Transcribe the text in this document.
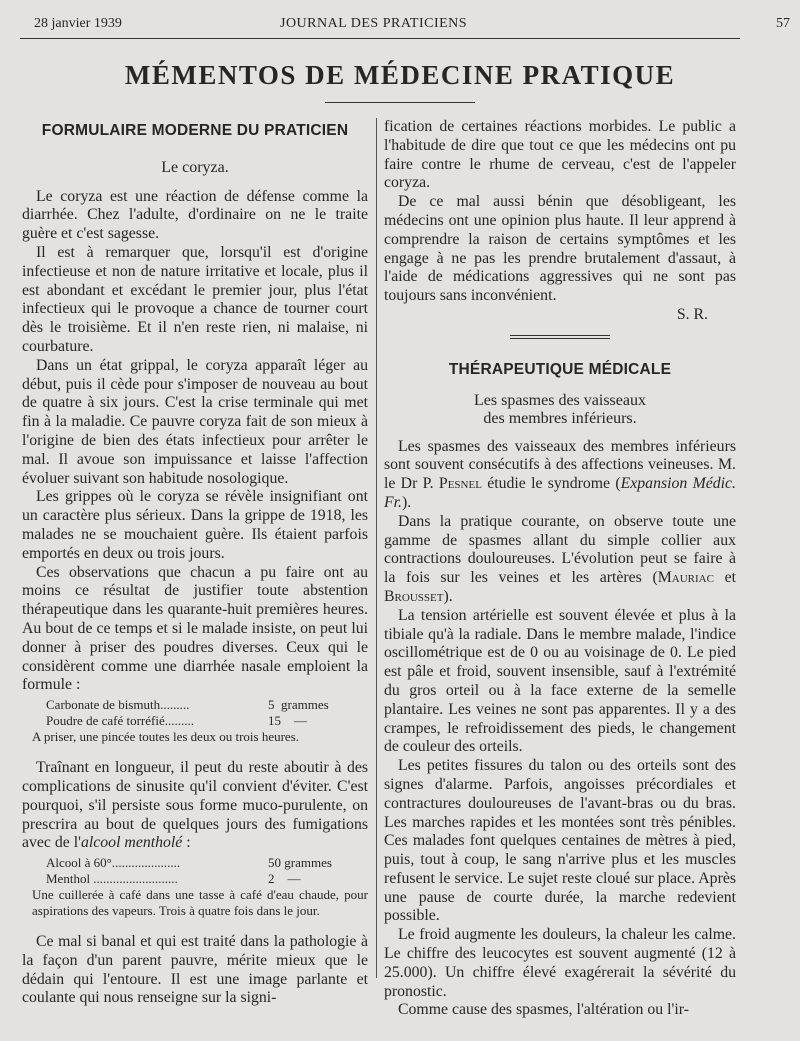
28 janvier 1939	JOURNAL DES PRATICIENS	57
MÉMENTOS DE MÉDECINE PRATIQUE
FORMULAIRE MODERNE DU PRATICIEN
Le coryza.

Le coryza est une réaction de défense comme la diarrhée. Chez l'adulte, d'ordinaire on ne le traite guère et c'est sagesse.

Il est à remarquer que, lorsqu'il est d'origine infectieuse et non de nature irritative et locale, plus il est abondant et excédant le premier jour, plus l'état infectieux qui le provoque a chance de tourner court dès le troisième. Et il n'en reste rien, ni malaise, ni courbature.

Dans un état grippal, le coryza apparaît léger au début, puis il cède pour s'imposer de nouveau au bout de quatre à six jours. C'est la crise terminale qui met fin à la maladie. Ce pauvre coryza fait de son mieux à l'origine de bien des états infectieux pour arrêter le mal. Il avoue son impuissance et laisse l'affection évoluer suivant son habitude nosologique.

Les grippes où le coryza se révèle insignifiant ont un caractère plus sérieux. Dans la grippe de 1918, les malades ne se mouchaient guère. Ils étaient parfois emportés en deux ou trois jours.

Ces observations que chacun a pu faire ont au moins ce résultat de justifier toute abstention thérapeutique dans les quarante-huit premières heures. Au bout de ce temps et si le malade insiste, on peut lui donner à priser des poudres diverses. Ceux qui le considèrent comme une diarrhée nasale emploient la formule :

Carbonate de bismuth.........	5  grammes
Poudre de café torréfié.........	15    —
A priser, une pincée toutes les deux ou trois heures.

Traînant en longueur, il peut du reste aboutir à des complications de sinusite qu'il convient d'éviter. C'est pourquoi, s'il persiste sous forme muco-purulente, on prescrira au bout de quelques jours des fumigations avec de l'alcool mentholé :

Alcool à 60°.....................	50 grammes
Menthol ..........................	2    —
Une cuillerée à café dans une tasse à café d'eau chaude, pour aspirations des vapeurs. Trois à quatre fois dans le jour.

Ce mal si banal et qui est traité dans la pathologie à la façon d'un parent pauvre, mérite mieux que le dédain qui l'entoure. Il est une image parlante et coulante qui nous renseigne sur la signi-

fication de certaines réactions morbides. Le public a l'habitude de dire que tout ce que les médecins ont pu faire contre le rhume de cerveau, c'est de l'appeler coryza.

De ce mal aussi bénin que désobligeant, les médecins ont une opinion plus haute. Il leur apprend à comprendre la raison de certains symptômes et les engage à ne pas les prendre brutalement d'assaut, à l'aide de médications aggressives qui ne sont pas toujours sans inconvénient.

S. R.
THÉRAPEUTIQUE MÉDICALE
Les spasmes des vaisseaux
des membres inférieurs.

Les spasmes des vaisseaux des membres inférieurs sont souvent consécutifs à des affections veineuses. M. le Dr P. Pesnel étudie le syndrome (Expansion Médic. Fr.).

Dans la pratique courante, on observe toute une gamme de spasmes allant du simple collier aux contractions douloureuses. L'évolution peut se faire à la fois sur les veines et les artères (Mauriac et Brousset).

La tension artérielle est souvent élevée et plus à la tibiale qu'à la radiale. Dans le membre malade, l'indice oscillométrique est de 0 ou au voisinage de 0. Le pied est pâle et froid, souvent insensible, sauf à l'extrémité du gros orteil ou à la face externe de la semelle plantaire. Les veines ne sont pas apparentes. Il y a des crampes, le refroidissement des pieds, le changement de couleur des orteils.

Les petites fissures du talon ou des orteils sont des signes d'alarme. Parfois, angoisses précordiales et contractures douloureuses de l'avant-bras ou du bras. Les marches rapides et les montées sont très pénibles. Ces malades font quelques centaines de mètres à pied, puis, tout à coup, le sang n'arrive plus et les muscles refusent le service. Le sujet reste cloué sur place. Après une pause de courte durée, la marche redevient possible.

Le froid augmente les douleurs, la chaleur les calme. Le chiffre des leucocytes est souvent augmenté (12 à 25.000). Un chiffre élevé exagérerait la sévérité du pronostic.

Comme cause des spasmes, l'altération ou l'ir-
